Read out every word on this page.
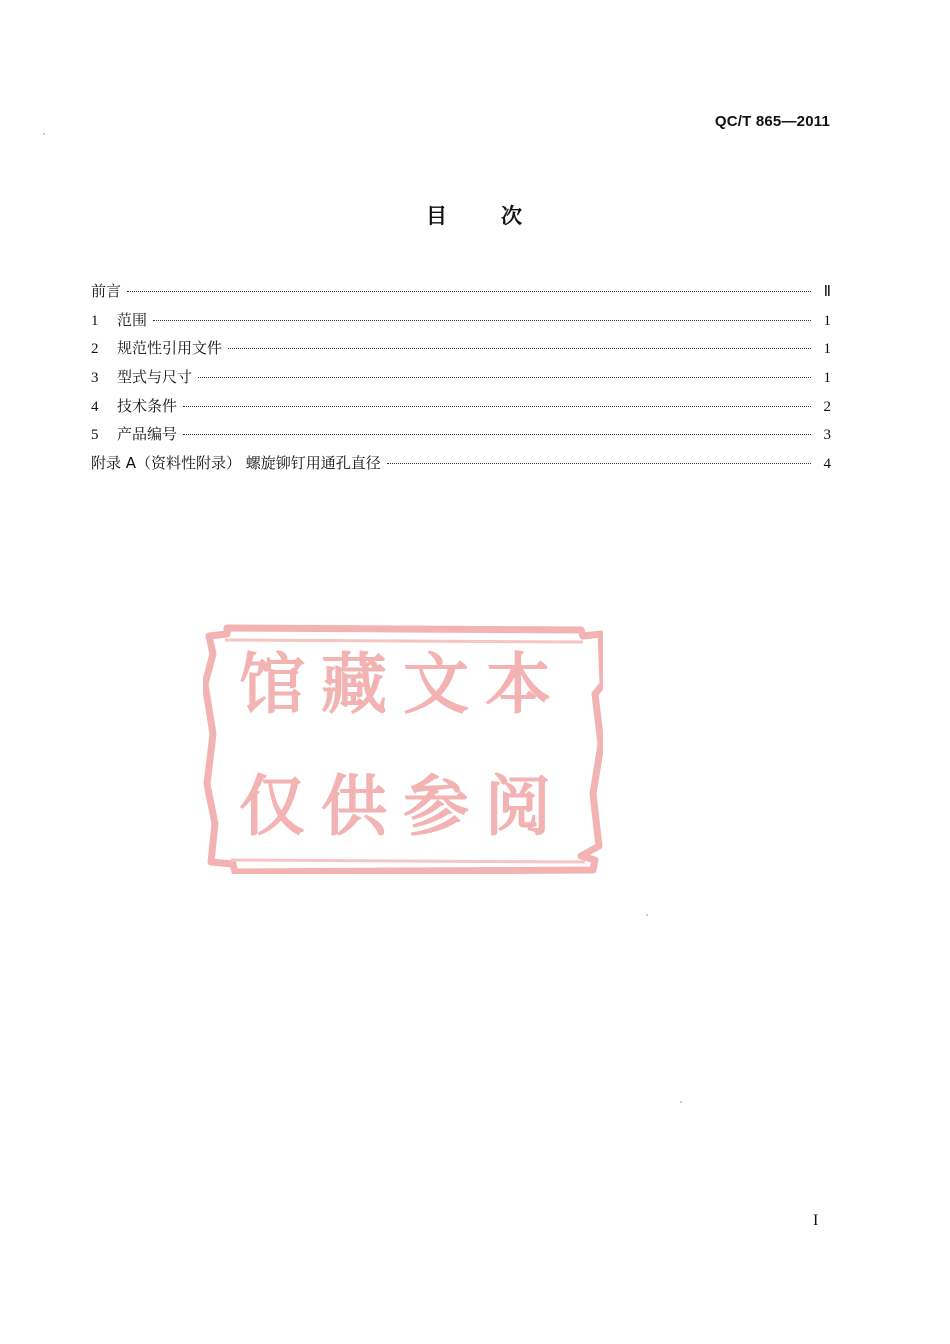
QC/T 865—2011
目 次
前言	Ⅱ
1	范围	1
2	规范性引用文件	1
3	型式与尺寸	1
4	技术条件	2
5	产品编号	3
附录 A（资料性附录） 螺旋铆钉用通孔直径	4
馆藏文本
仅供参阅
I
